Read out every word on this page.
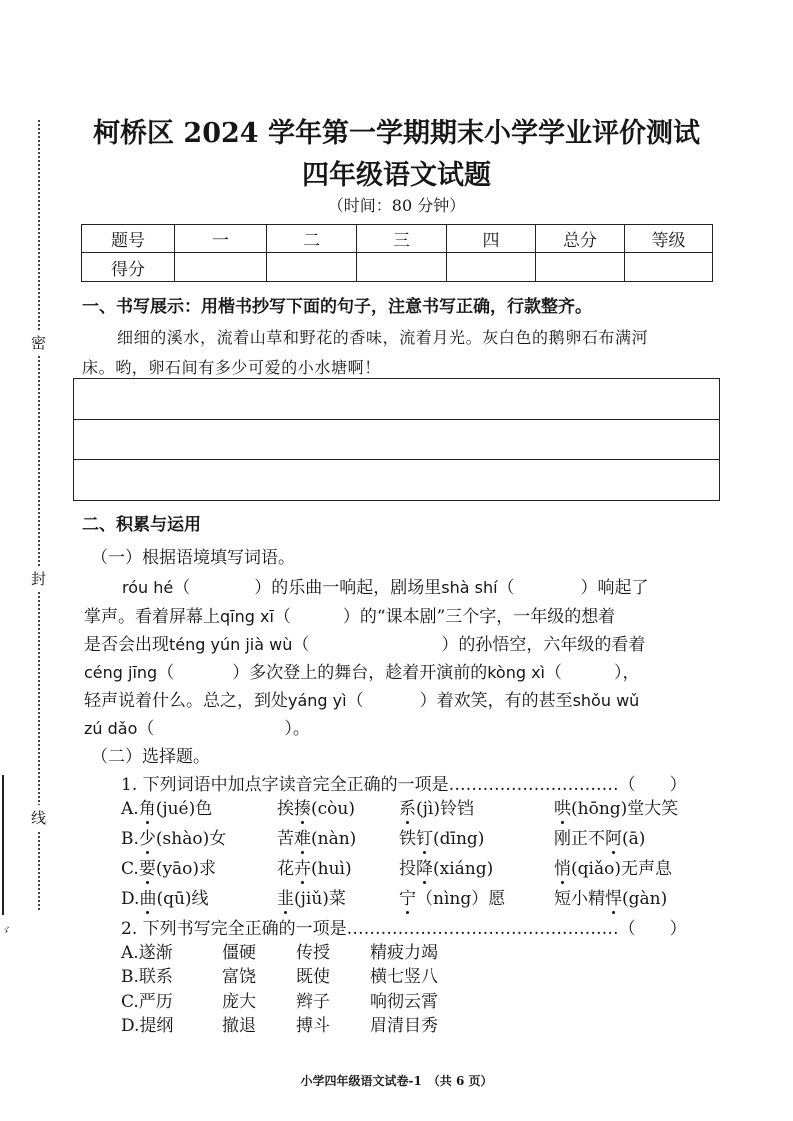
密
封
线
ゞ
柯桥区 2024 学年第一学期期末小学学业评价测试
四年级语文试题
（时间：80 分钟）
题号	一	二	三	四	总分	等级
得分						
一、书写展示：用楷书抄写下面的句子，注意书写正确，行款整齐。
细细的溪水，流着山草和野花的香味，流着月光。灰白色的鹅卵石布满河
床。哟，卵石间有多少可爱的小水塘啊！
二、积累与运用
（一）根据语境填写词语。
róu hé（	）的乐曲一响起，剧场里shà shí（	）响起了
掌声。看着屏幕上qīng xī（	）的“课本剧”三个字，一年级的想着
是否会出现téng yún jià wù（	）的孙悟空，六年级的看着
céng jīng（	）多次登上的舞台，趁着开演前的kòng xì（	），
轻声说着什么。总之，到处yáng yì（	）着欢笑，有的甚至shǒu wǔ
zú dǎo（	）。
（二）选择题。
1. 下列词语中加点字读音完全正确的一项是…………………………（　　）
A.角(jué)色	挨揍(còu)	系(jì)铃铛	哄(hōng)堂大笑
B.少(shào)女	苦难(nàn)	铁钉(dīng)	刚正不阿(ā)
C.要(yāo)求	花卉(huì)	投降(xiáng)	悄(qiǎo)无声息
D.曲(qū)线	韭(jiǔ)菜	宁（nìng）愿	短小精悍(gàn)
2. 下列书写完全正确的一项是…………………………………………（　　）
A.遂渐	僵硬 传授 精疲力竭
B.联系	富饶 既使 横七竖八
C.严历	庞大 辫子 响彻云霄
D.提纲	撤退 搏斗 眉清目秀
小学四年级语文试卷-1　（共 6 页）
